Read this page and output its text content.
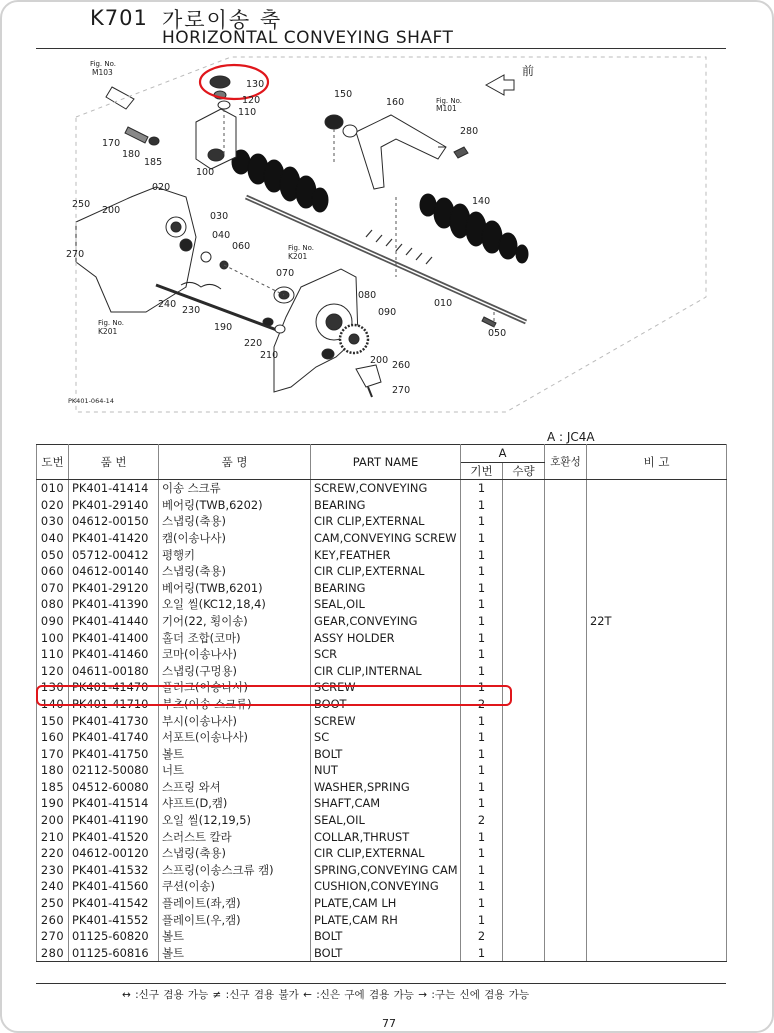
K701 가로이송 축
HORIZONTAL CONVEYING SHAFT
前
Fig. No.
M103
Fig. No.
M101
Fig. No.
K201
Fig. No.
K201
130
120
110
170
180
185
100
150
160
280
140
020
250
200
030
040
060
270
070
010
240
230
080
090
190
220
210
050
200 260
270
PK401-064-14
A : JC4A
도번	품 번	품 명	PART NAME	A		호환성	비 고
				기번	수량		
010	PK401-41414	이송 스크류	SCREW,CONVEYING	1			
020	PK401-29140	베어링(TWB,6202)	BEARING	1			
030	04612-00150	스냅링(축용)	CIR CLIP,EXTERNAL	1			
040	PK401-41420	캠(이송나사)	CAM,CONVEYING SCREW	1			
050	05712-00412	평행키	KEY,FEATHER	1			
060	04612-00140	스냅링(축용)	CIR CLIP,EXTERNAL	1			
070	PK401-29120	베어링(TWB,6201)	BEARING	1			
080	PK401-41390	오일 씰(KC12,18,4)	SEAL,OIL	1			
090	PK401-41440	기어(22, 횡이송)	GEAR,CONVEYING	1			22T
100	PK401-41400	홀더 조합(코마)	ASSY HOLDER	1			
110	PK401-41460	코마(이송나사)	SCR	1			
120	04611-00180	스냅링(구멍용)	CIR CLIP,INTERNAL	1			
130	PK401-41470	플러그(이송나사)	SCREW	1			
140	PK401-41710	부츠(이송 스크류)	BOOT	2			
150	PK401-41730	부시(이송나사)	SCREW	1			
160	PK401-41740	서포트(이송나사)	SC	1			
170	PK401-41750	볼트	BOLT	1			
180	02112-50080	너트	NUT	1			
185	04512-60080	스프링 와셔	WASHER,SPRING	1			
190	PK401-41514	샤프트(D,캠)	SHAFT,CAM	1			
200	PK401-41190	오일 씰(12,19,5)	SEAL,OIL	2			
210	PK401-41520	스러스트 칼라	COLLAR,THRUST	1			
220	04612-00120	스냅링(축용)	CIR CLIP,EXTERNAL	1			
230	PK401-41532	스프링(이송스크류 캠)	SPRING,CONVEYING CAM	1			
240	PK401-41560	쿠션(이송)	CUSHION,CONVEYING	1			
250	PK401-41542	플레이트(좌,캠)	PLATE,CAM LH	1			
260	PK401-41552	플레이트(우,캠)	PLATE,CAM RH	1			
270	01125-60820	볼트	BOLT	2			
280	01125-60816	볼트	BOLT	1			
↔ :신구 겸용 가능 ≠ :신구 겸용 불가 ← :신은 구에 겸용 가능 → :구는 신에 겸용 가능
77
